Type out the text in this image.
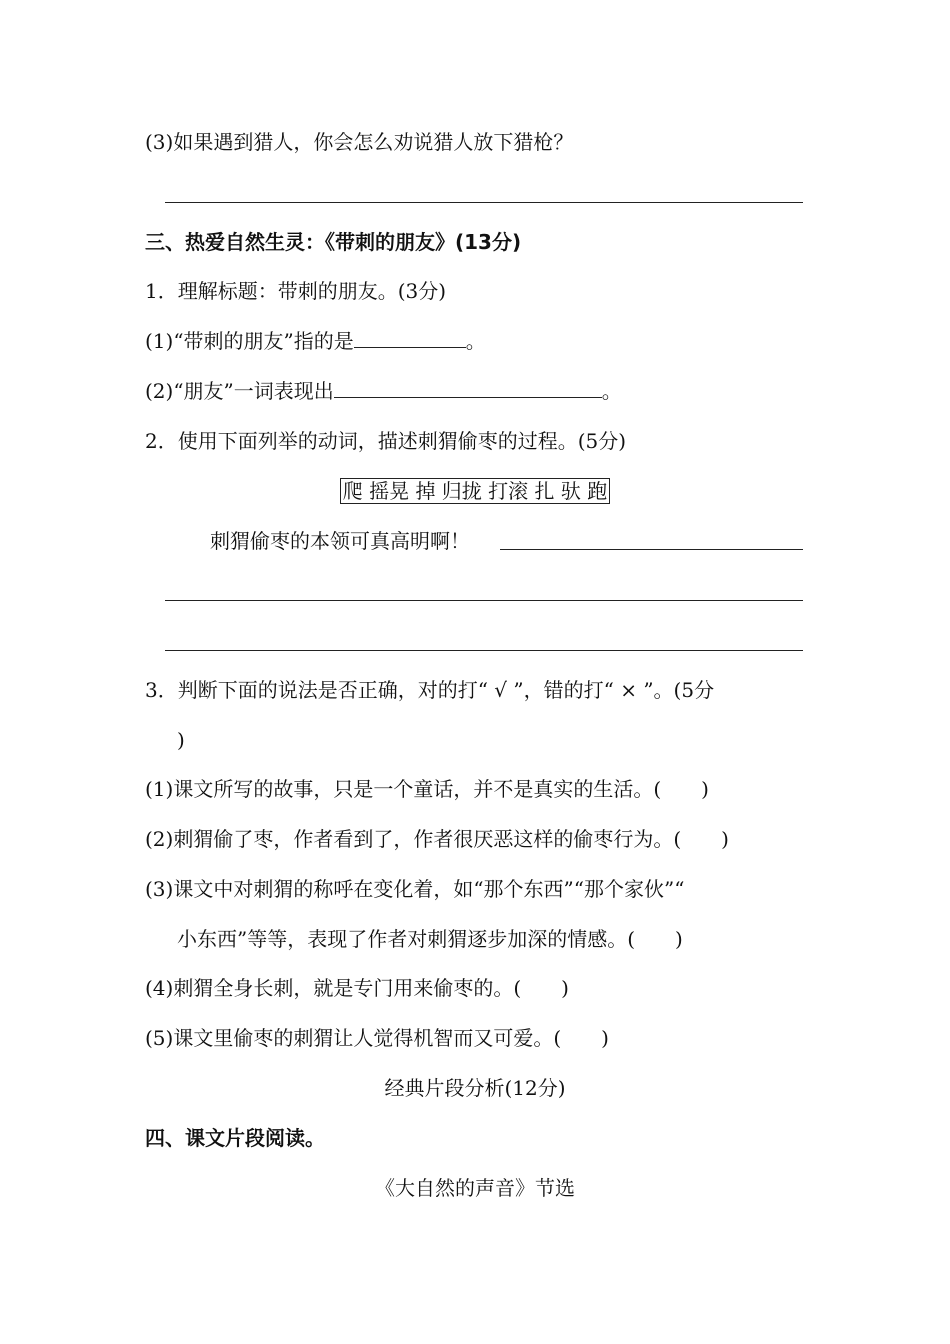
(3)如果遇到猎人，你会怎么劝说猎人放下猎枪？
三、热爱自然生灵：《带刺的朋友》(13分)
1．理解标题：带刺的朋友。(3分)
(1)“带刺的朋友”指的是	。
(2)“朋友”一词表现出	。
2．使用下面列举的动词，描述刺猬偷枣的过程。(5分)
爬 摇晃 掉 归拢 打滚 扎 驮 跑
刺猬偷枣的本领可真高明啊！
3．判断下面的说法是否正确，对的打“ √ ”，错的打“ × ”。(5分
)
(1)课文所写的故事，只是一个童话，并不是真实的生活。(　　)
(2)刺猬偷了枣，作者看到了，作者很厌恶这样的偷枣行为。(　　)
(3)课文中对刺猬的称呼在变化着，如“那个东西”“那个家伙”“
小东西”等等，表现了作者对刺猬逐步加深的情感。(　　)
(4)刺猬全身长刺，就是专门用来偷枣的。(　　)
(5)课文里偷枣的刺猬让人觉得机智而又可爱。(　　)
经典片段分析(12分)
四、课文片段阅读。
《大自然的声音》节选
